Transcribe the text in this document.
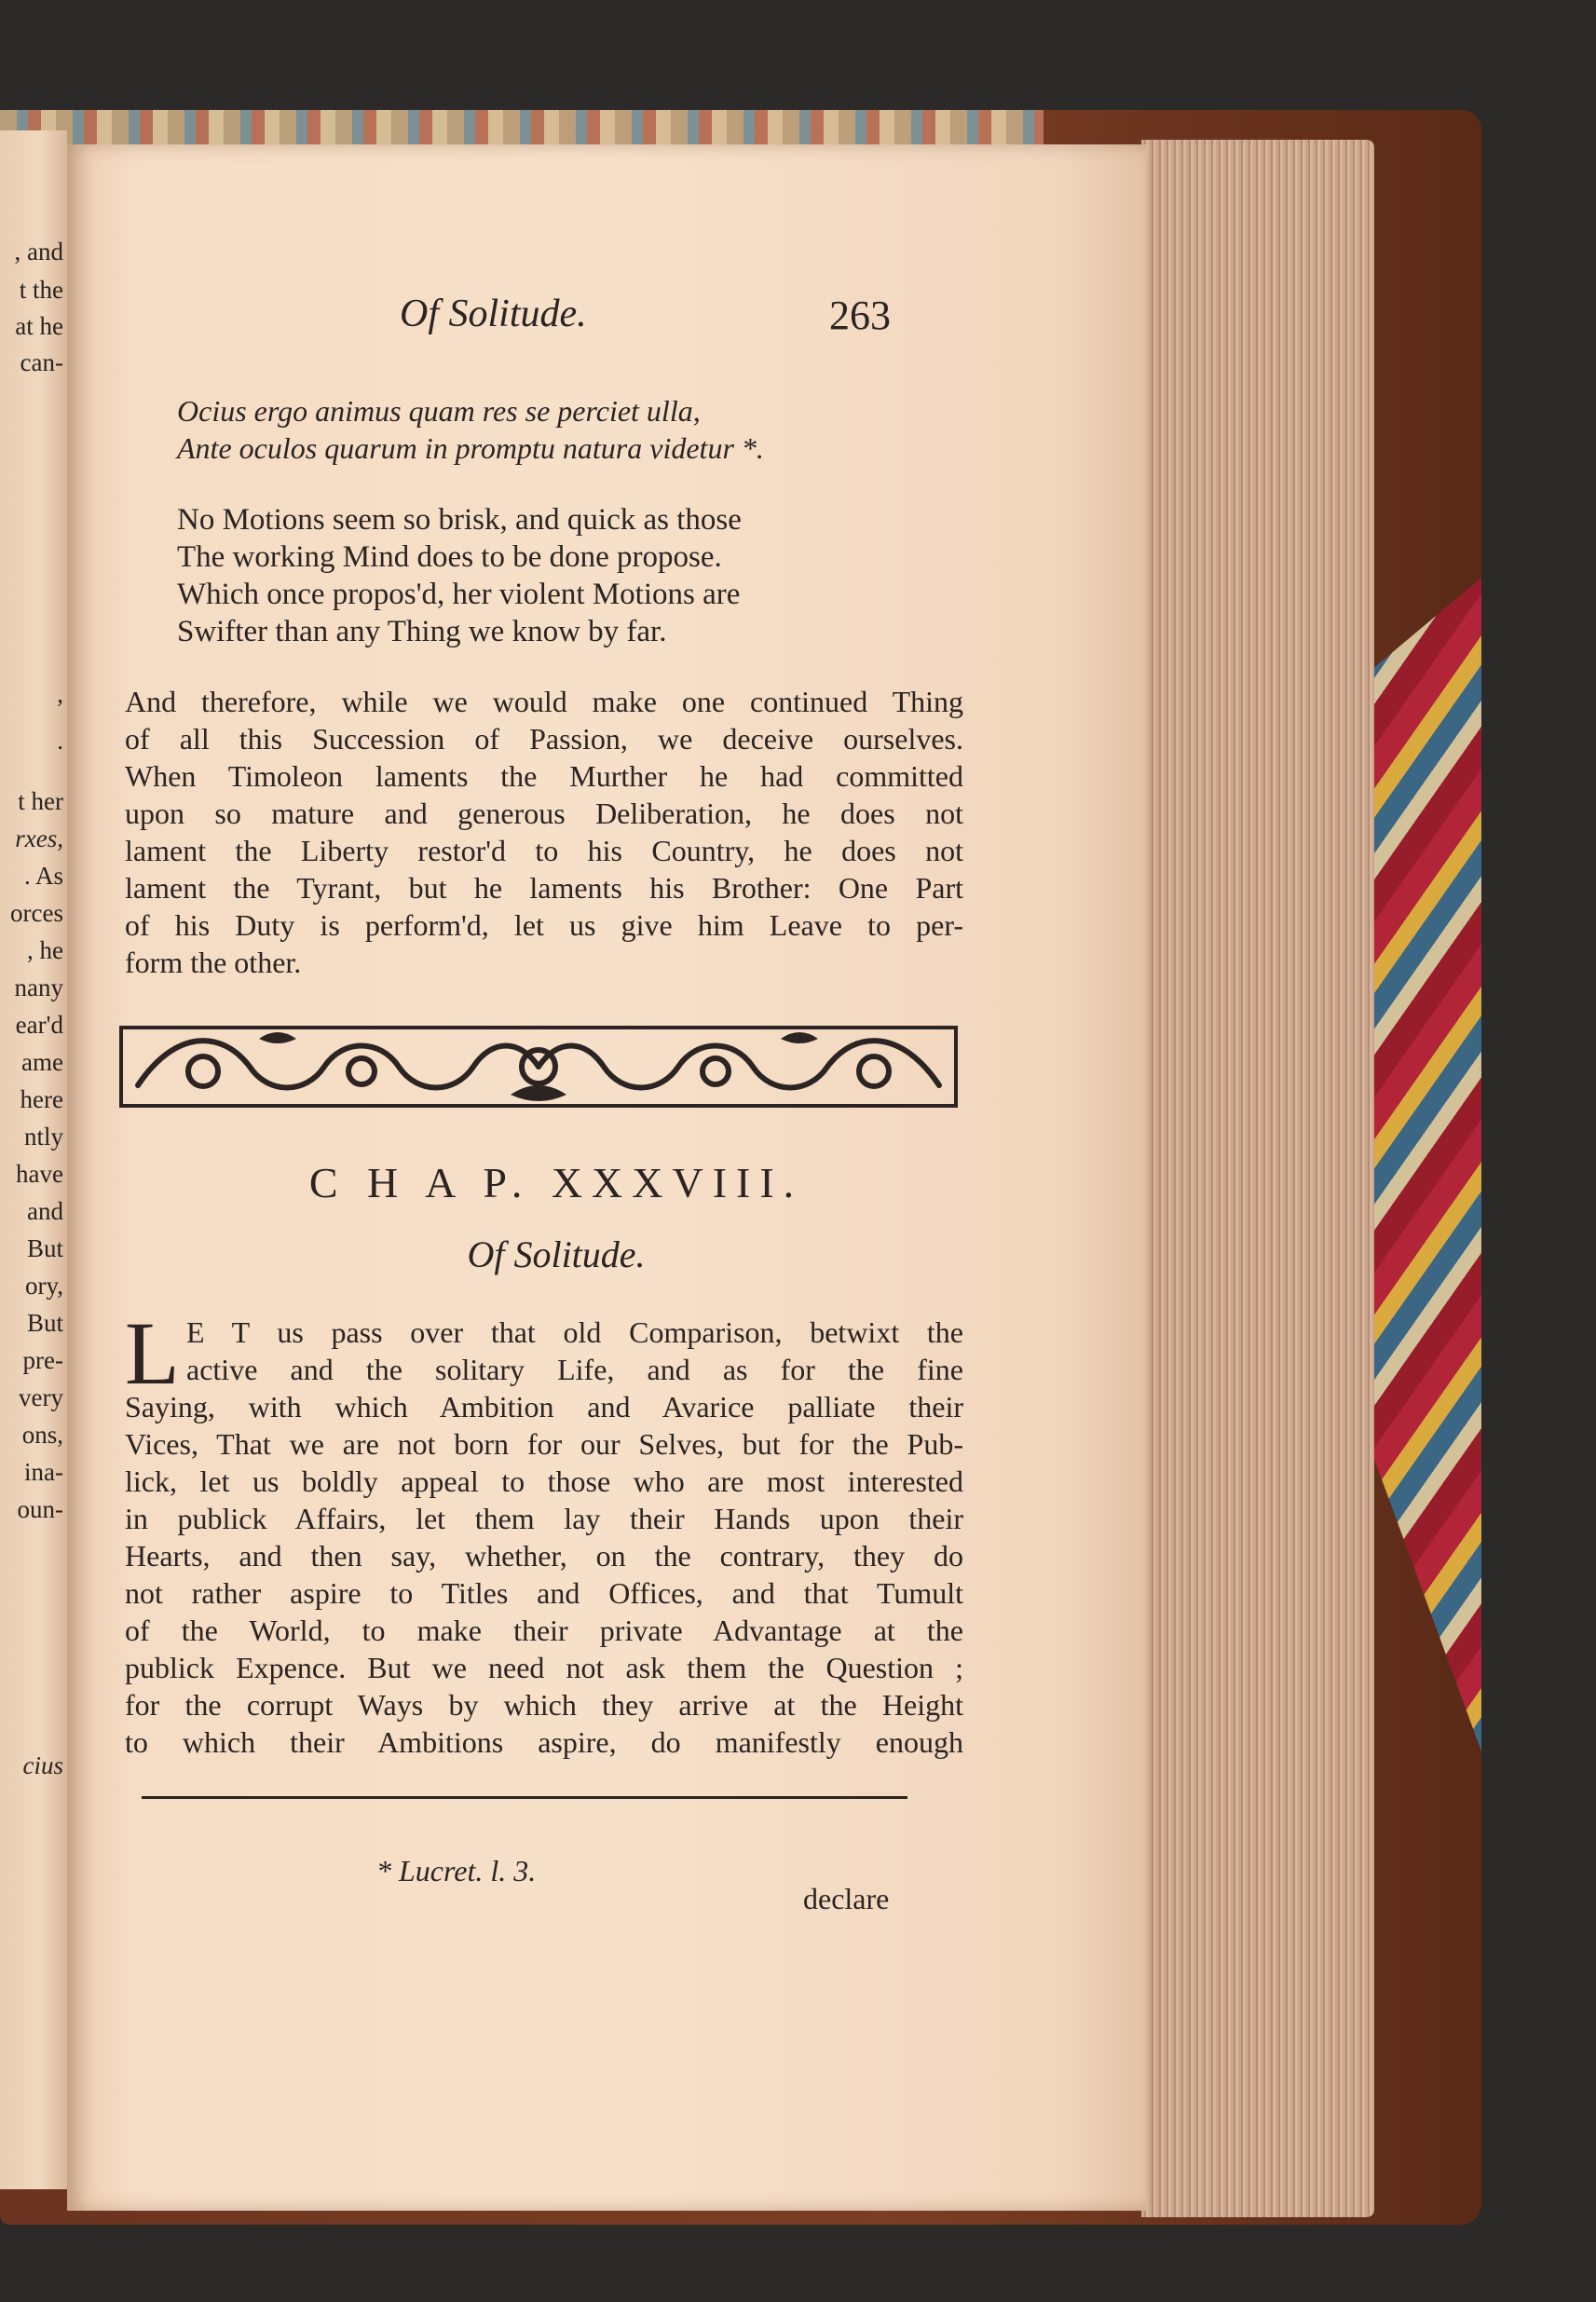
, and
t the
at he
can-
,
.
t her
rxes,
. As
orces
, he
nany
ear'd
ame
here
ntly
have
and
But
ory,
But
pre-
very
ons,
ina-
oun-
cius
Of Solitude.	263
Ocius ergo animus quam res se perciet ulla,
Ante oculos quarum in promptu natura videtur *.
No Motions seem so brisk, and quick as those
The working Mind does to be done propose.
Which once propos'd, her violent Motions are
Swifter than any Thing we know by far.
And therefore, while we would make one continued Thing
of all this Succession of Passion, we deceive ourselves.
When Timoleon laments the Murther he had committed
upon so mature and generous Deliberation, he does not
lament the Liberty restor'd to his Country, he does not
lament the Tyrant, but he laments his Brother: One Part
of his Duty is perform'd, let us give him Leave to per-
form the other.
C H A P. XXXVIII.
Of Solitude.
L E T us pass over that old Comparison, betwixt the
active and the solitary Life, and as for the fine
Saying, with which Ambition and Avarice palliate their
Vices, That we are not born for our Selves, but for the Pub-
lick, let us boldly appeal to those who are most interested
in publick Affairs, let them lay their Hands upon their
Hearts, and then say, whether, on the contrary, they do
not rather aspire to Titles and Offices, and that Tumult
of the World, to make their private Advantage at the
publick Expence. But we need not ask them the Question ;
for the corrupt Ways by which they arrive at the Height
to which their Ambitions aspire, do manifestly enough
* Lucret. l. 3.
declare
